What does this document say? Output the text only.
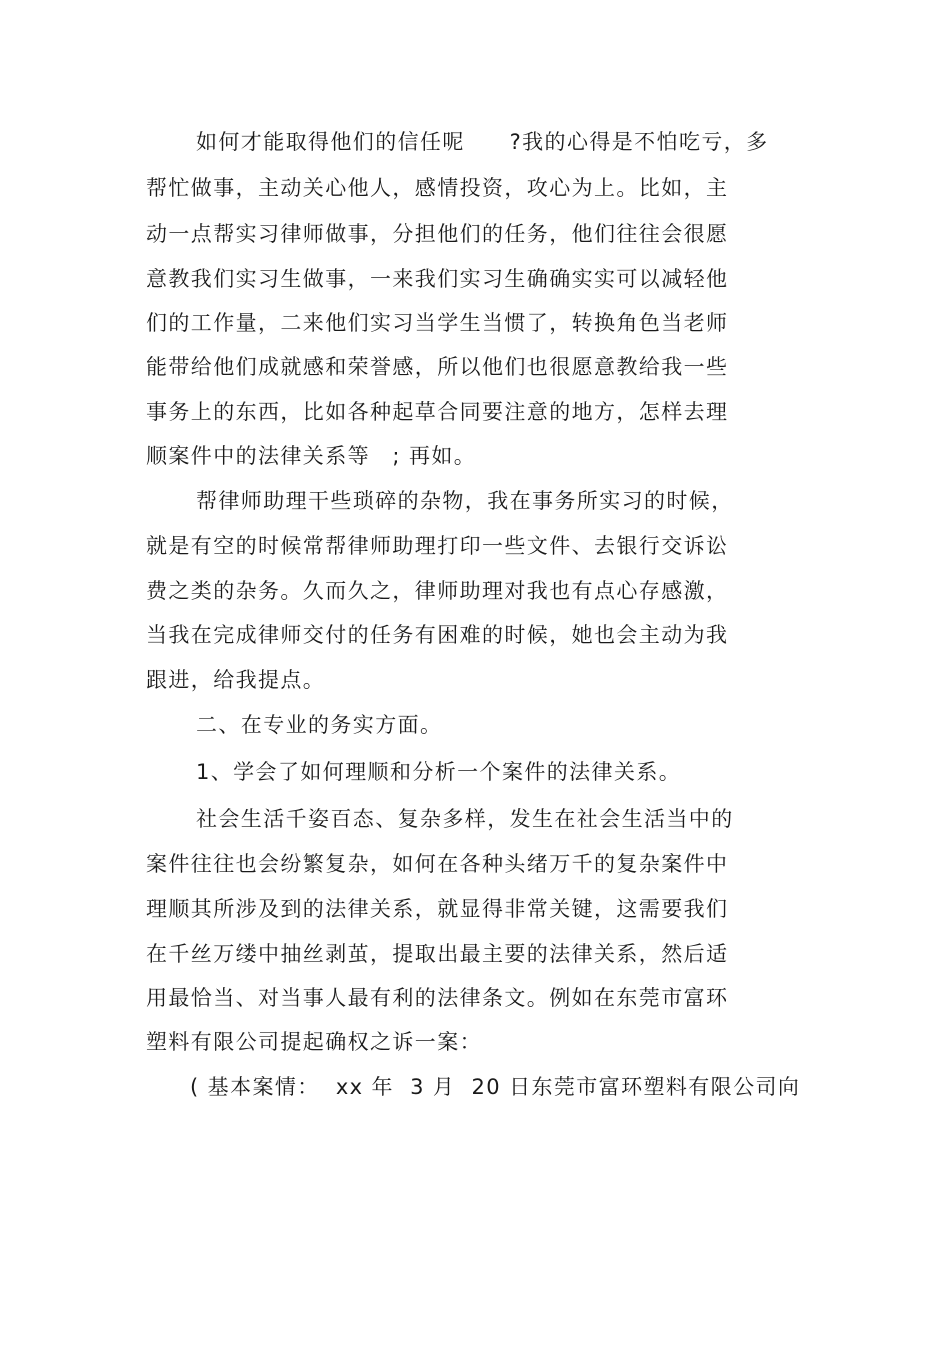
如何才能取得他们的信任呢　　?我的心得是不怕吃亏，多
帮忙做事，主动关心他人，感情投资，攻心为上。比如，主
动一点帮实习律师做事，分担他们的任务，他们往往会很愿
意教我们实习生做事，一来我们实习生确确实实可以减轻他
们的工作量，二来他们实习当学生当惯了，转换角色当老师
能带给他们成就感和荣誉感，所以他们也很愿意教给我一些
事务上的东西，比如各种起草合同要注意的地方，怎样去理
顺案件中的法律关系等　; 再如。
帮律师助理干些琐碎的杂物，我在事务所实习的时候，
就是有空的时候常帮律师助理打印一些文件、去银行交诉讼
费之类的杂务。久而久之，律师助理对我也有点心存感激，
当我在完成律师交付的任务有困难的时候，她也会主动为我
跟进，给我提点。
二、在专业的务实方面。
1、学会了如何理顺和分析一个案件的法律关系。
社会生活千姿百态、复杂多样，发生在社会生活当中的
案件往往也会纷繁复杂，如何在各种头绪万千的复杂案件中
理顺其所涉及到的法律关系，就显得非常关键，这需要我们
在千丝万缕中抽丝剥茧，提取出最主要的法律关系，然后适
用最恰当、对当事人最有利的法律条文。例如在东莞市富环
塑料有限公司提起确权之诉一案：
( 基本案情：  xx 年  3 月  20 日东莞市富环塑料有限公司向
